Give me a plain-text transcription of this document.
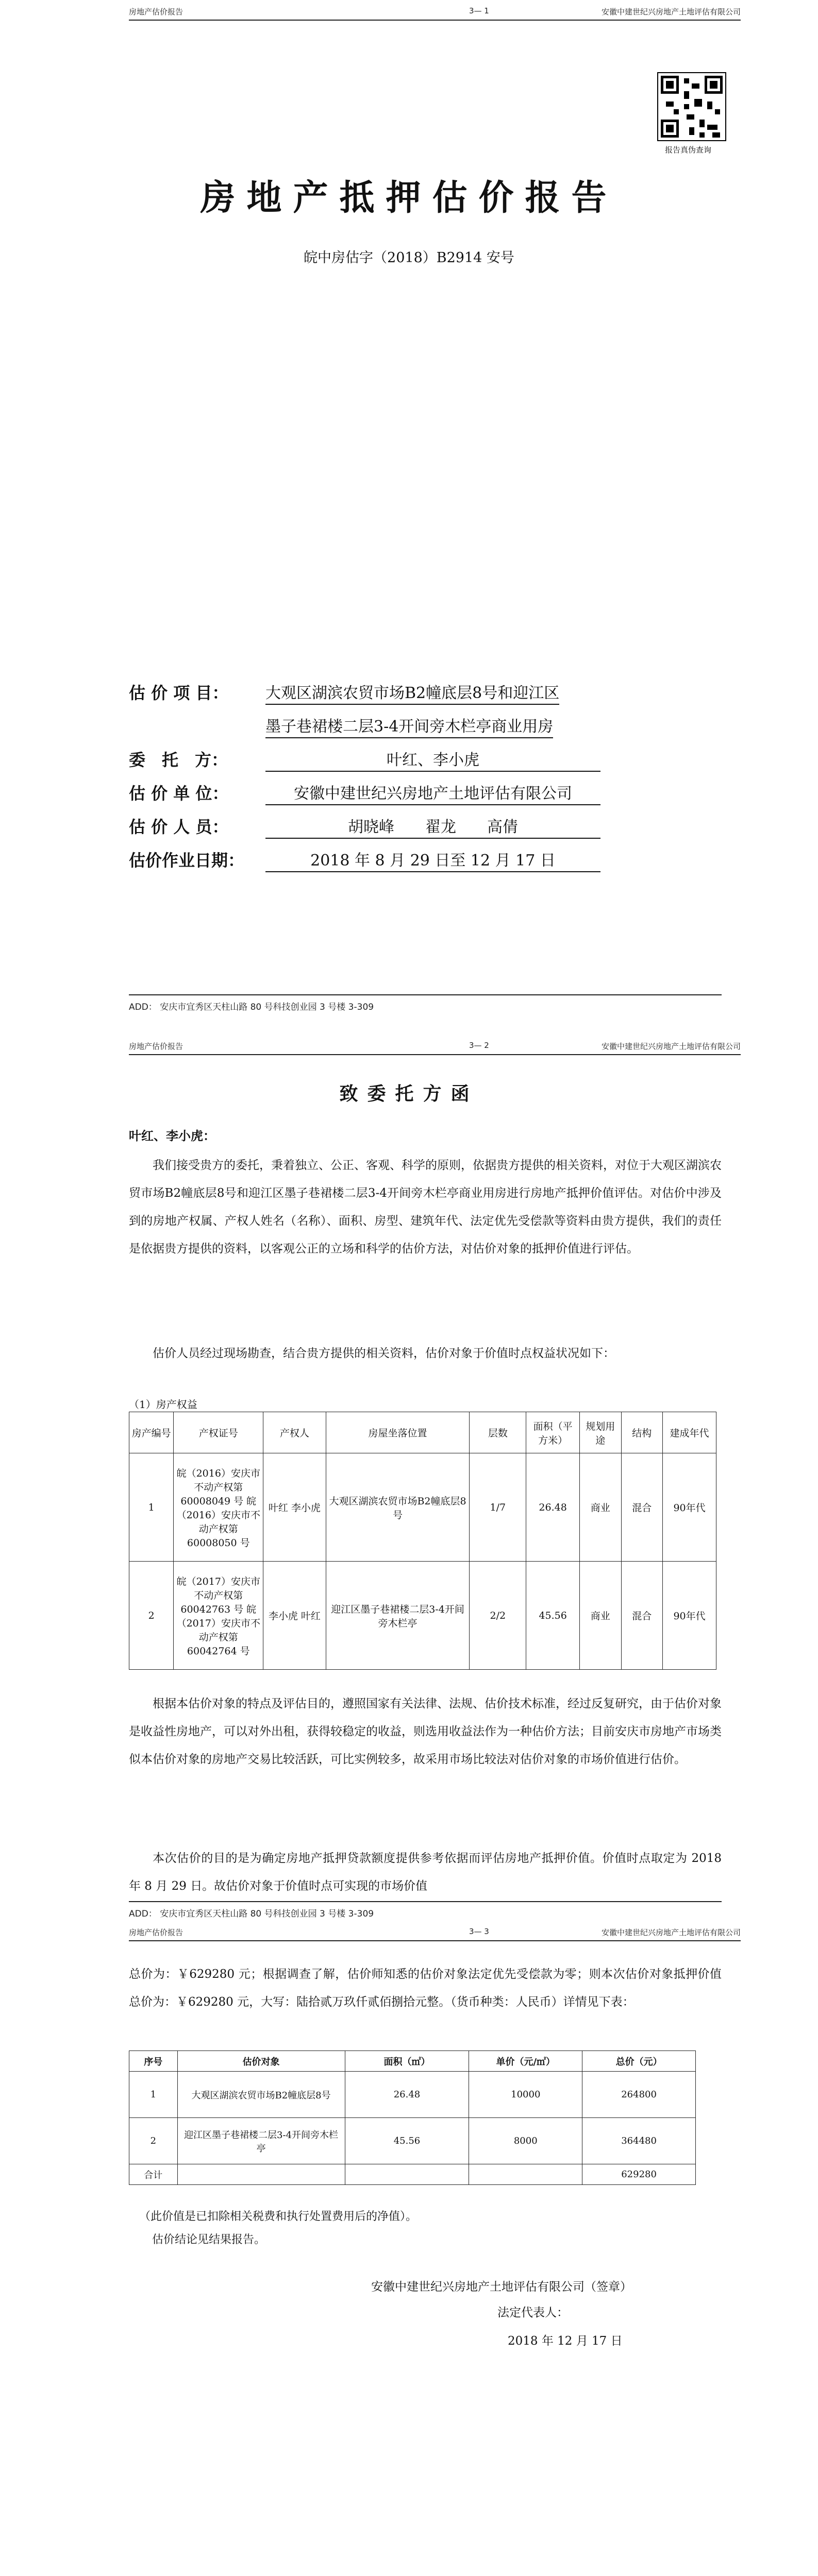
房地产估价报告	3— 1	安徽中建世纪兴房地产土地评估有限公司
报告真伪查询
房地产抵押估价报告
皖中房估字（2018）B2914 安号
估 价 项 目： 大观区湖滨农贸市场B2幢底层8号和迎江区
墨子巷裙楼二层3-4开间旁木栏亭商业用房
委　托　方：	叶红、李小虎
估 价 单 位：	安徽中建世纪兴房地产土地评估有限公司
估 价 人 员：	胡晓峰　　翟龙　　高倩
估价作业日期：	2018 年 8 月 29 日至 12 月 17 日
ADD： 安庆市宜秀区天柱山路 80 号科技创业园 3 号楼 3-309
房地产估价报告	3— 2	安徽中建世纪兴房地产土地评估有限公司
致委托方函
叶红、李小虎：
我们接受贵方的委托，秉着独立、公正、客观、科学的原则，依据贵方提供的相关资料，对位于大观区湖滨农贸市场B2幢底层8号和迎江区墨子巷裙楼二层3-4开间旁木栏亭商业用房进行房地产抵押价值评估。对估价中涉及到的房地产权属、产权人姓名（名称）、面积、房型、建筑年代、法定优先受偿款等资料由贵方提供，我们的责任是依据贵方提供的资料，以客观公正的立场和科学的估价方法，对估价对象的抵押价值进行评估。
估价人员经过现场勘查，结合贵方提供的相关资料，估价对象于价值时点权益状况如下：
（1）房产权益
房产编号	产权证号	产权人	房屋坐落位置	层数	面积（平方米）	规划用途	结构	建成年代
1	皖（2016）安庆市不动产权第 60008049 号 皖（2016）安庆市不动产权第 60008050 号	叶红 李小虎	大观区湖滨农贸市场B2幢底层8号	1/7	26.48	商业	混合	90年代
2	皖（2017）安庆市不动产权第 60042763 号 皖（2017）安庆市不动产权第 60042764 号	李小虎 叶红	迎江区墨子巷裙楼二层3-4开间旁木栏亭	2/2	45.56	商业	混合	90年代
根据本估价对象的特点及评估目的，遵照国家有关法律、法规、估价技术标准，经过反复研究，由于估价对象是收益性房地产，可以对外出租，获得较稳定的收益，则选用收益法作为一种估价方法；目前安庆市房地产市场类似本估价对象的房地产交易比较活跃，可比实例较多，故采用市场比较法对估价对象的市场价值进行估价。
本次估价的目的是为确定房地产抵押贷款额度提供参考依据而评估房地产抵押价值。价值时点取定为 2018 年 8 月 29 日。故估价对象于价值时点可实现的市场价值
ADD： 安庆市宜秀区天柱山路 80 号科技创业园 3 号楼 3-309
房地产估价报告	3— 3	安徽中建世纪兴房地产土地评估有限公司
总价为：￥629280 元；根据调查了解，估价师知悉的估价对象法定优先受偿款为零；则本次估价对象抵押价值总价为：￥629280 元，大写：陆拾贰万玖仟贰佰捌拾元整。（货币种类：人民币）详情见下表：
序号	估价对象	面积（㎡）	单价（元/㎡）	总价（元）
1	大观区湖滨农贸市场B2幢底层8号	26.48	10000	264800
2	迎江区墨子巷裙楼二层3-4开间旁木栏亭	45.56	8000	364480
合计				629280
（此价值是已扣除相关税费和执行处置费用后的净值）。
估价结论见结果报告。
安徽中建世纪兴房地产土地评估有限公司（签章）
法定代表人：
2018 年 12 月 17 日
